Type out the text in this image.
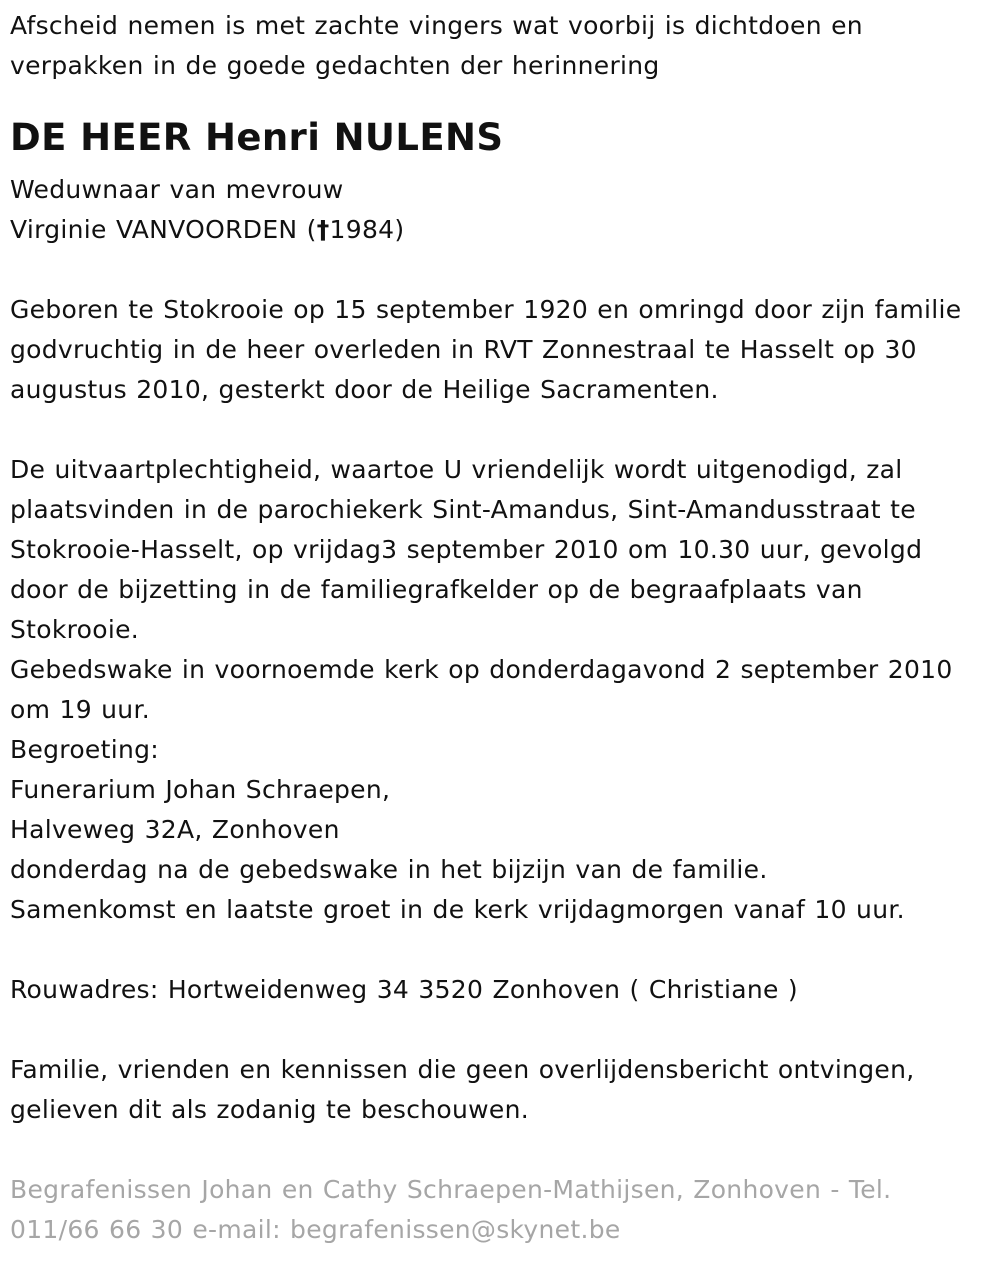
Afscheid nemen is met zachte vingers wat voorbij is dichtdoen en
verpakken in de goede gedachten der herinnering
DE HEER Henri NULENS
Weduwnaar van mevrouw
Virginie VANVOORDEN (†1984)
Geboren te Stokrooie op 15 september 1920 en omringd door zijn familie
godvruchtig in de heer overleden in RVT Zonnestraal te Hasselt op 30
augustus 2010, gesterkt door de Heilige Sacramenten.
De uitvaartplechtigheid, waartoe U vriendelijk wordt uitgenodigd, zal
plaatsvinden in de parochiekerk Sint-Amandus, Sint-Amandusstraat te
Stokrooie-Hasselt, op vrijdag3 september 2010 om 10.30 uur, gevolgd
door de bijzetting in de familiegrafkelder op de begraafplaats van
Stokrooie.
Gebedswake in voornoemde kerk op donderdagavond 2 september 2010
om 19 uur.
Begroeting:
Funerarium Johan Schraepen,
Halveweg 32A, Zonhoven
donderdag na de gebedswake in het bijzijn van de familie.
Samenkomst en laatste groet in de kerk vrijdagmorgen vanaf 10 uur.
Rouwadres: Hortweidenweg 34 3520 Zonhoven ( Christiane )
Familie, vrienden en kennissen die geen overlijdensbericht ontvingen,
gelieven dit als zodanig te beschouwen.
Begrafenissen Johan en Cathy Schraepen-Mathijsen, Zonhoven - Tel.
011/66 66 30 e-mail: begrafenissen@skynet.be
